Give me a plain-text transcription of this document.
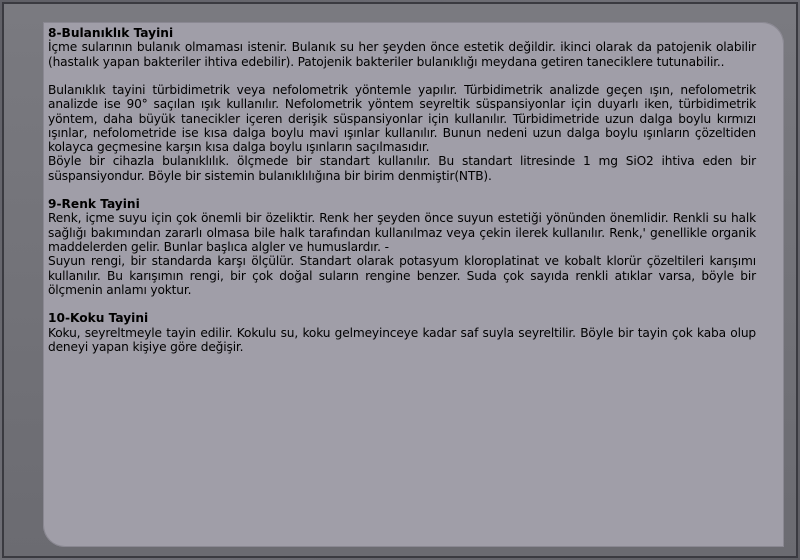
8-Bulanıklık Tayini

İçme sularının bulanık olmaması istenir. Bulanık su her şeyden önce estetik değildir. ikinci olarak da patojenik olabilir (hastalık yapan bakteriler ihtiva edebilir). Patojenik bakteriler bulanıklığı meydana getiren taneciklere tutunabilir..

Bulanıklık tayini türbidimetrik veya nefolometrik yöntemle yapılır. Türbidimetrik analizde geçen ışın, nefolometrik analizde ise 90° saçılan ışık kullanılır. Nefolometrik yöntem seyreltik süspansiyonlar için duyarlı iken, türbidimetrik yöntem, daha büyük tanecikler içeren derişik süspansiyonlar için kullanılır. Türbidimetride uzun dalga boylu kırmızı ışınlar, nefolometride ise kısa dalga boylu mavi ışınlar kullanılır. Bunun nedeni uzun dalga boylu ışınların çözeltiden kolayca geçmesine karşın kısa dalga boylu ışınların saçılmasıdır.

Böyle bir cihazla bulanıklılık. ölçmede bir standart kullanılır. Bu standart litresinde 1 mg SiO2 ihtiva eden bir süspansiyondur. Böyle bir sistemin bulanıklılığına bir birim denmiştir(NTB).

9-Renk Tayini

Renk, içme suyu için çok önemli bir özeliktir. Renk her şeyden önce suyun estetiği yönünden önemlidir. Renkli su halk sağlığı bakımından zararlı olmasa bile halk tarafından kullanılmaz veya çekin ilerek kullanılır. Renk,' genellikle organik maddelerden gelir. Bunlar başlıca algler ve humuslardır. -

Suyun rengi, bir standarda karşı ölçülür. Standart olarak potasyum kloroplatinat ve kobalt klorür çözeltileri karışımı kullanılır. Bu karışımın rengi, bir çok doğal suların rengine benzer. Suda çok sayıda renkli atıklar varsa, böyle bir ölçmenin anlamı yoktur.

10-Koku Tayini

Koku, seyreltmeyle tayin edilir. Kokulu su, koku gelmeyinceye kadar saf suyla seyreltilir. Böyle bir tayin çok kaba olup deneyi yapan kişiye göre değişir.
